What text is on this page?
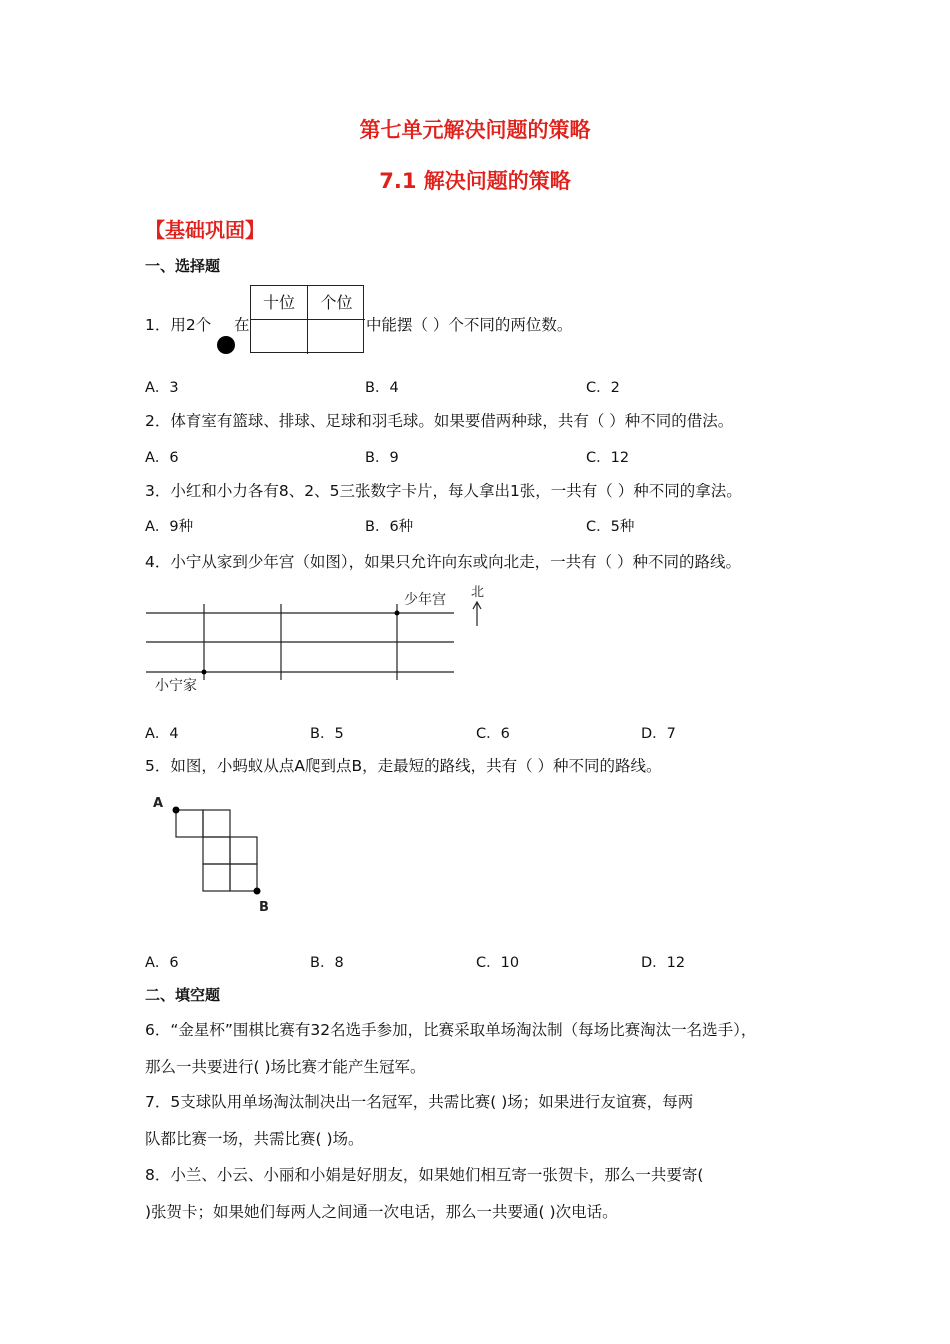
第七单元解决问题的策略
7.1 解决问题的策略
【基础巩固】
一、选择题
1．用2个 在
十位	个位
中能摆（ ）个不同的两位数。
A．3	B．4	C．2
2．体育室有篮球、排球、足球和羽毛球。如果要借两种球，共有（ ）种不同的借法。
A．6	B．9	C．12
3．小红和小力各有8、2、5三张数字卡片，每人拿出1张，一共有（ ）种不同的拿法。
A．9种	B．6种	C．5种
4．小宁从家到少年宫（如图），如果只允许向东或向北走，一共有（ ）种不同的路线。
小宁家
少年宫 北
A．4	B．5	C．6	D．7
5．如图，小蚂蚁从点A爬到点B，走最短的路线，共有（ ）种不同的路线。
A
B
A．6	B．8	C．10	D．12
二、填空题
6．“金星杯”围棋比赛有32名选手参加，比赛采取单场淘汰制（每场比赛淘汰一名选手），
那么一共要进行( )场比赛才能产生冠军。
7．5支球队用单场淘汰制决出一名冠军，共需比赛( )场；如果进行友谊赛，每两
队都比赛一场，共需比赛( )场。
8．小兰、小云、小丽和小娟是好朋友，如果她们相互寄一张贺卡，那么一共要寄(
)张贺卡；如果她们每两人之间通一次电话，那么一共要通( )次电话。
